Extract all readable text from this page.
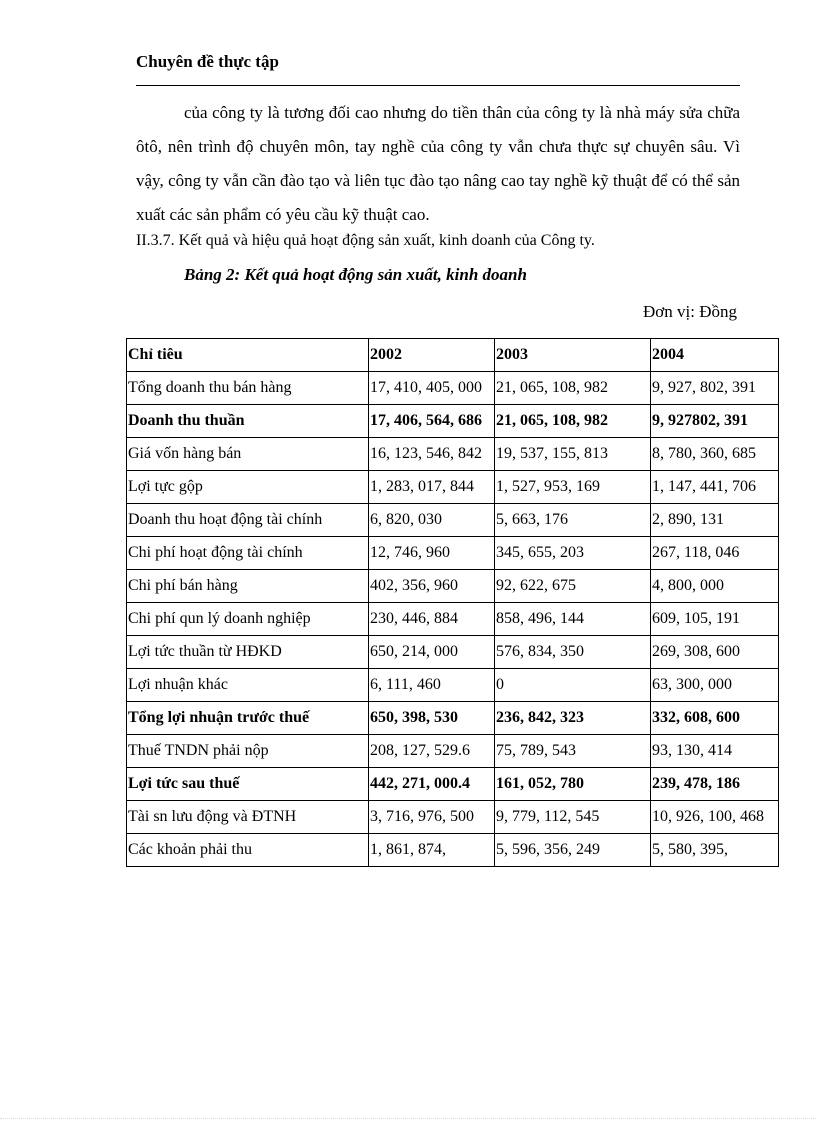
Chuyên đề thực tập

của công ty là tương đối cao nhưng do tiền thân của công ty là nhà máy sửa chữa ôtô, nên trình độ chuyên môn, tay nghề của công ty vẫn chưa thực sự chuyên sâu. Vì vậy, công ty vẫn cần đào tạo và liên tục đào tạo nâng cao tay nghề kỹ thuật để có thể sản xuất các sản phẩm có yêu cầu kỹ thuật cao.

II.3.7. Kết quả và hiệu quả hoạt động sản xuất, kinh doanh của Công ty.
Bảng 2: Kết quả hoạt động sản xuất, kinh doanh
Đơn vị: Đồng
Chỉ tiêu	2002	2003	2004
Tổng doanh thu bán hàng	17, 410, 405, 000	21, 065, 108, 982	9, 927, 802, 391
Doanh thu thuần	17, 406, 564, 686	21, 065, 108, 982	9, 927802, 391
Giá vốn hàng bán	16, 123, 546, 842	19, 537, 155, 813	8, 780, 360, 685
Lợi tực gộp	1, 283, 017, 844	1, 527, 953, 169	1, 147, 441, 706
Doanh thu hoạt động tài chính	6, 820, 030	5, 663, 176	2, 890, 131
Chi phí hoạt động tài chính	12, 746, 960	345, 655, 203	267, 118, 046
Chi phí bán hàng	402, 356, 960	92, 622, 675	4, 800, 000
Chi phí qun lý doanh nghiệp	230, 446, 884	858, 496, 144	609, 105, 191
Lợi tức thuần từ HĐKD	650, 214, 000	576, 834, 350	269, 308, 600
Lợi nhuận khác	6, 111, 460	0	63, 300, 000
Tổng lợi nhuận trước thuế	650, 398, 530	236, 842, 323	332, 608, 600
Thuế TNDN phải nộp	208, 127, 529.6	75, 789, 543	93, 130, 414
Lợi tức sau thuế	442, 271, 000.4	161, 052, 780	239, 478, 186
Tài sn lưu động và ĐTNH	3, 716, 976, 500	9, 779, 112, 545	10, 926, 100, 468
Các khoản phải thu	1, 861, 874,	5, 596, 356, 249	5, 580, 395,
